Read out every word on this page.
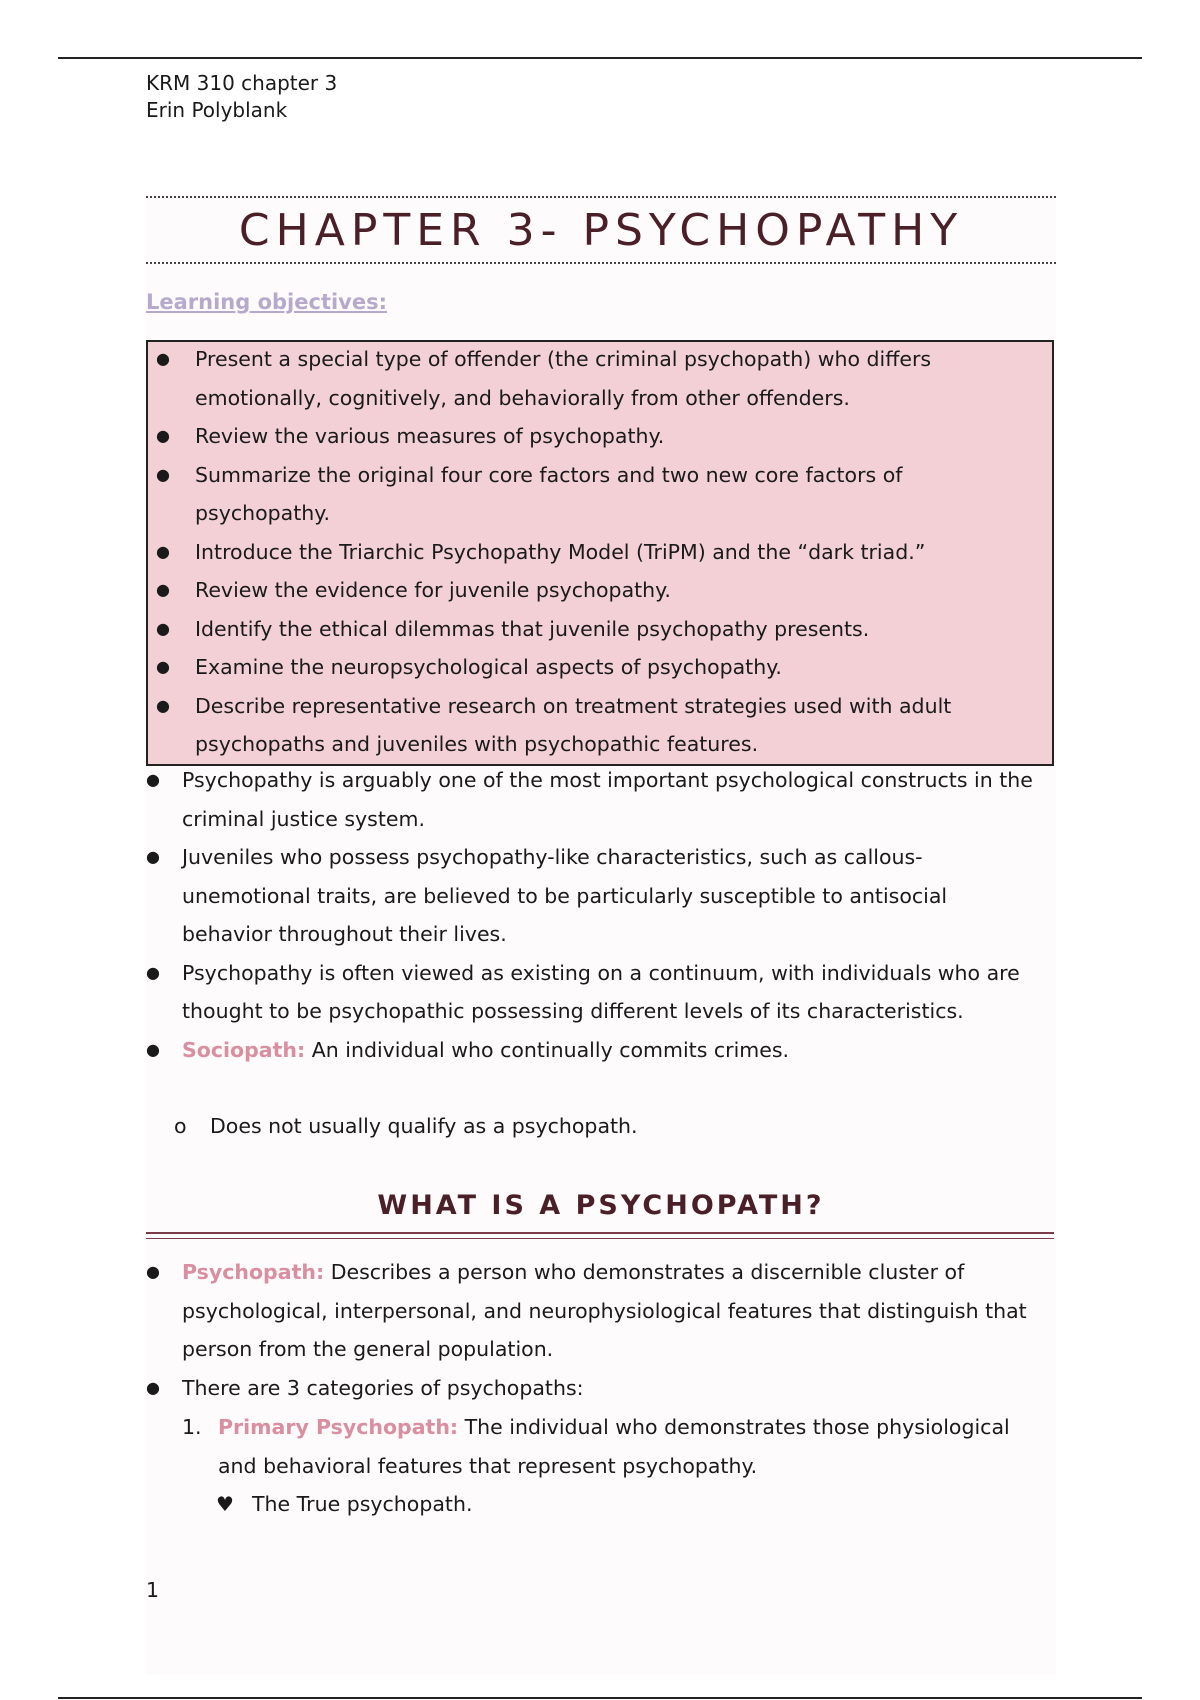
KRM 310 chapter 3
Erin Polyblank
CHAPTER 3- PSYCHOPATHY
Learning objectives:
● Present a special type of offender (the criminal psychopath) who differs emotionally, cognitively, and behaviorally from other offenders.
● Review the various measures of psychopathy.
● Summarize the original four core factors and two new core factors of psychopathy.
● Introduce the Triarchic Psychopathy Model (TriPM) and the “dark triad.”
● Review the evidence for juvenile psychopathy.
● Identify the ethical dilemmas that juvenile psychopathy presents.
● Examine the neuropsychological aspects of psychopathy.
● Describe representative research on treatment strategies used with adult psychopaths and juveniles with psychopathic features.
● Psychopathy is arguably one of the most important psychological constructs in the criminal justice system.
● Juveniles who possess psychopathy-like characteristics, such as callous-unemotional traits, are believed to be particularly susceptible to antisocial behavior throughout their lives.
● Psychopathy is often viewed as existing on a continuum, with individuals who are thought to be psychopathic possessing different levels of its characteristics.
● Sociopath: An individual who continually commits crimes.
o Does not usually qualify as a psychopath.
WHAT IS A PSYCHOPATH?
● Psychopath: Describes a person who demonstrates a discernible cluster of psychological, interpersonal, and neurophysiological features that distinguish that person from the general population.
● There are 3 categories of psychopaths:
1. Primary Psychopath: The individual who demonstrates those physiological and behavioral features that represent psychopathy.
♥ The True psychopath.
1
